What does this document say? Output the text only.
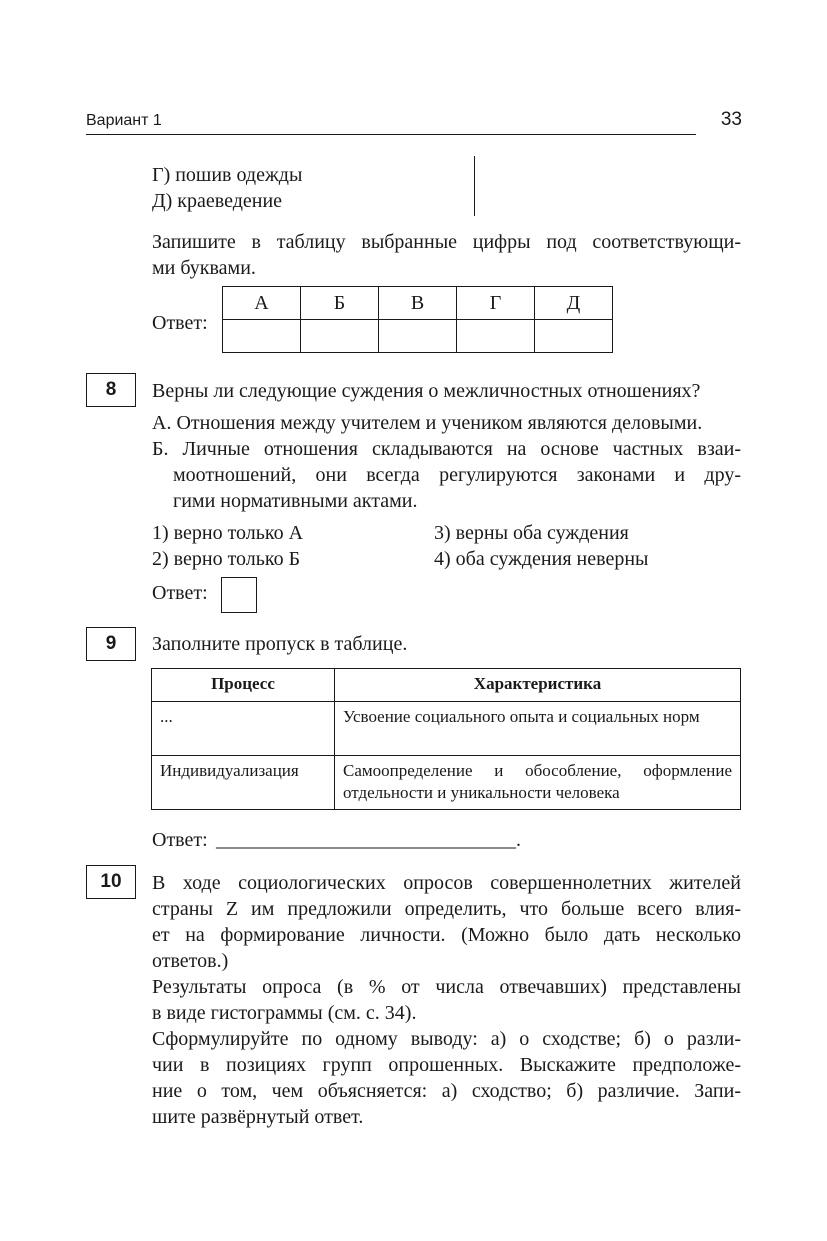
Вариант 1	33
Г) пошив одежды
Д) краеведение
Запишите в таблицу выбранные цифры под соответствующи-
ми буквами.
Ответ:
А	Б	В	Г	Д

8	Верны ли следующие суждения о межличностных отношениях?
А. Отношения между учителем и учеником являются деловыми.
Б. Личные отношения складываются на основе частных взаи-
моотношений, они всегда регулируются законами и дру-
гими нормативными актами.
1) верно только А
2) верно только Б
3) верны оба суждения
4) оба суждения неверны
Ответ:
9	Заполните пропуск в таблице.
Процесс	Характеристика
...	Усвоение социального опыта и социальных норм
Индивидуализация	Самоопределение и обособление, оформление отдельности и уникальности человека
Ответ: ______________________________.
10	В ходе социологических опросов совершеннолетних жителей
страны Z им предложили определить, что больше всего влия-
ет на формирование личности. (Можно было дать несколько
ответов.)
Результаты опроса (в % от числа отвечавших) представлены
в виде гистограммы (см. с. 34).
Сформулируйте по одному выводу: а) о сходстве; б) о разли-
чии в позициях групп опрошенных. Выскажите предположе-
ние о том, чем объясняется: а) сходство; б) различие. Запи-
шите развёрнутый ответ.
